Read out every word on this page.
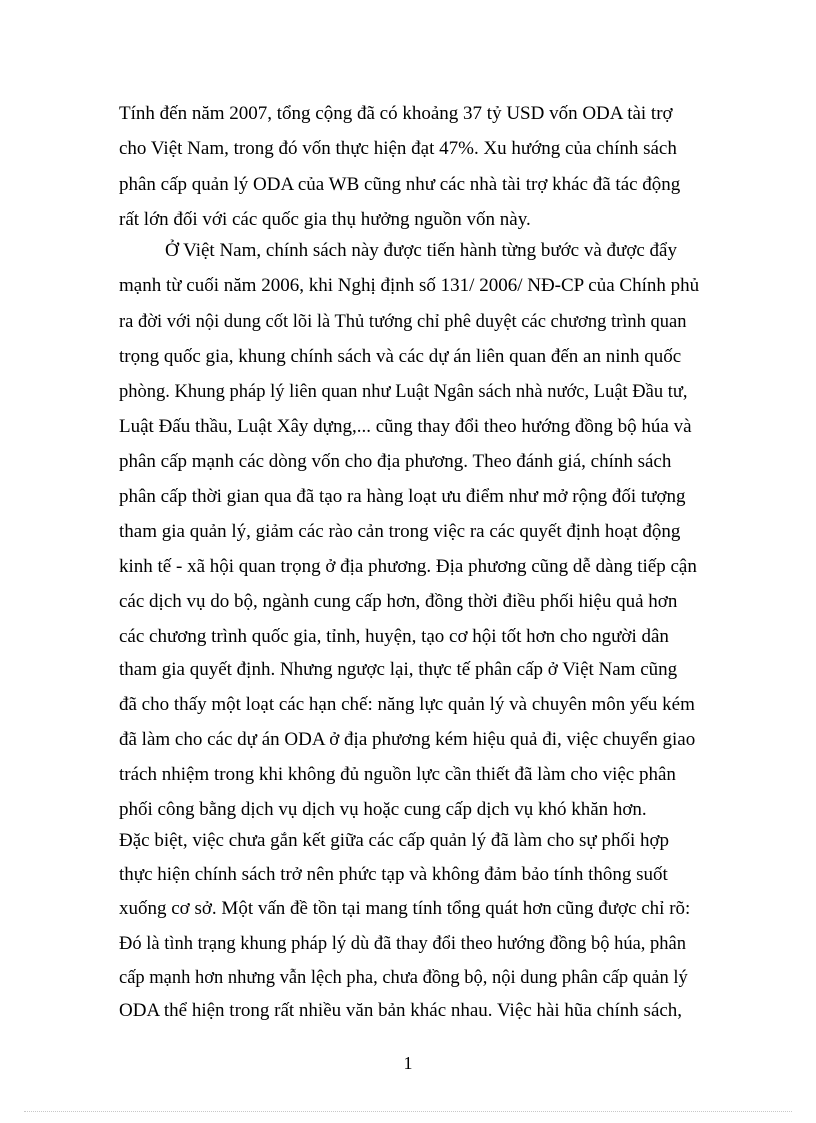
Tính đến năm 2007, tổng cộng đã có khoảng 37 tỷ USD vốn ODA tài trợ
cho Việt Nam, trong đó vốn thực hiện đạt 47%. Xu hướng của chính sách
phân cấp quản lý ODA của WB cũng như các nhà tài trợ khác đã tác động
rất lớn đối với các quốc gia thụ hưởng nguồn vốn này.
Ở Việt Nam, chính sách này được tiến hành từng bước và được đẩy
mạnh từ cuối năm 2006, khi Nghị định số 131/ 2006/ NĐ-CP của Chính phủ
ra đời với nội dung cốt lõi là Thủ tướng chỉ phê duyệt các chương trình quan
trọng quốc gia, khung chính sách và các dự án liên quan đến an ninh quốc
phòng. Khung pháp lý liên quan như Luật Ngân sách nhà nước, Luật Đầu tư,
Luật Đấu thầu, Luật Xây dựng,... cũng thay đổi theo hướng đồng bộ húa và
phân cấp mạnh các dòng vốn cho địa phương. Theo đánh giá, chính sách
phân cấp thời gian qua đã tạo ra hàng loạt ưu điểm như mở rộng đối tượng
tham gia quản lý, giảm các rào cản trong việc ra các quyết định hoạt động
kinh tế - xã hội quan trọng ở địa phương. Địa phương cũng dễ dàng tiếp cận
các dịch vụ do bộ, ngành cung cấp hơn, đồng thời điều phối hiệu quả hơn
các chương trình quốc gia, tỉnh, huyện, tạo cơ hội tốt hơn cho người dân
tham gia quyết định. Nhưng ngược lại, thực tế phân cấp ở Việt Nam cũng
đã cho thấy một loạt các hạn chế: năng lực quản lý và chuyên môn yếu kém
đã làm cho các dự án ODA ở địa phương kém hiệu quả đi, việc chuyển giao
trách nhiệm trong khi không đủ nguồn lực cần thiết đã làm cho việc phân
phối công bằng dịch vụ dịch vụ hoặc cung cấp dịch vụ khó khăn hơn.
Đặc biệt, việc chưa gắn kết giữa các cấp quản lý đã làm cho sự phối hợp
thực hiện chính sách trở nên phức tạp và không đảm bảo tính thông suốt
xuống cơ sở. Một vấn đề tồn tại mang tính tổng quát hơn cũng được chỉ rõ:
Đó là tình trạng khung pháp lý dù đã thay đổi theo hướng đồng bộ húa, phân
cấp mạnh hơn nhưng vẫn lệch pha, chưa đồng bộ, nội dung phân cấp quản lý
ODA thể hiện trong rất nhiều văn bản khác nhau. Việc hài hũa chính sách,
1
